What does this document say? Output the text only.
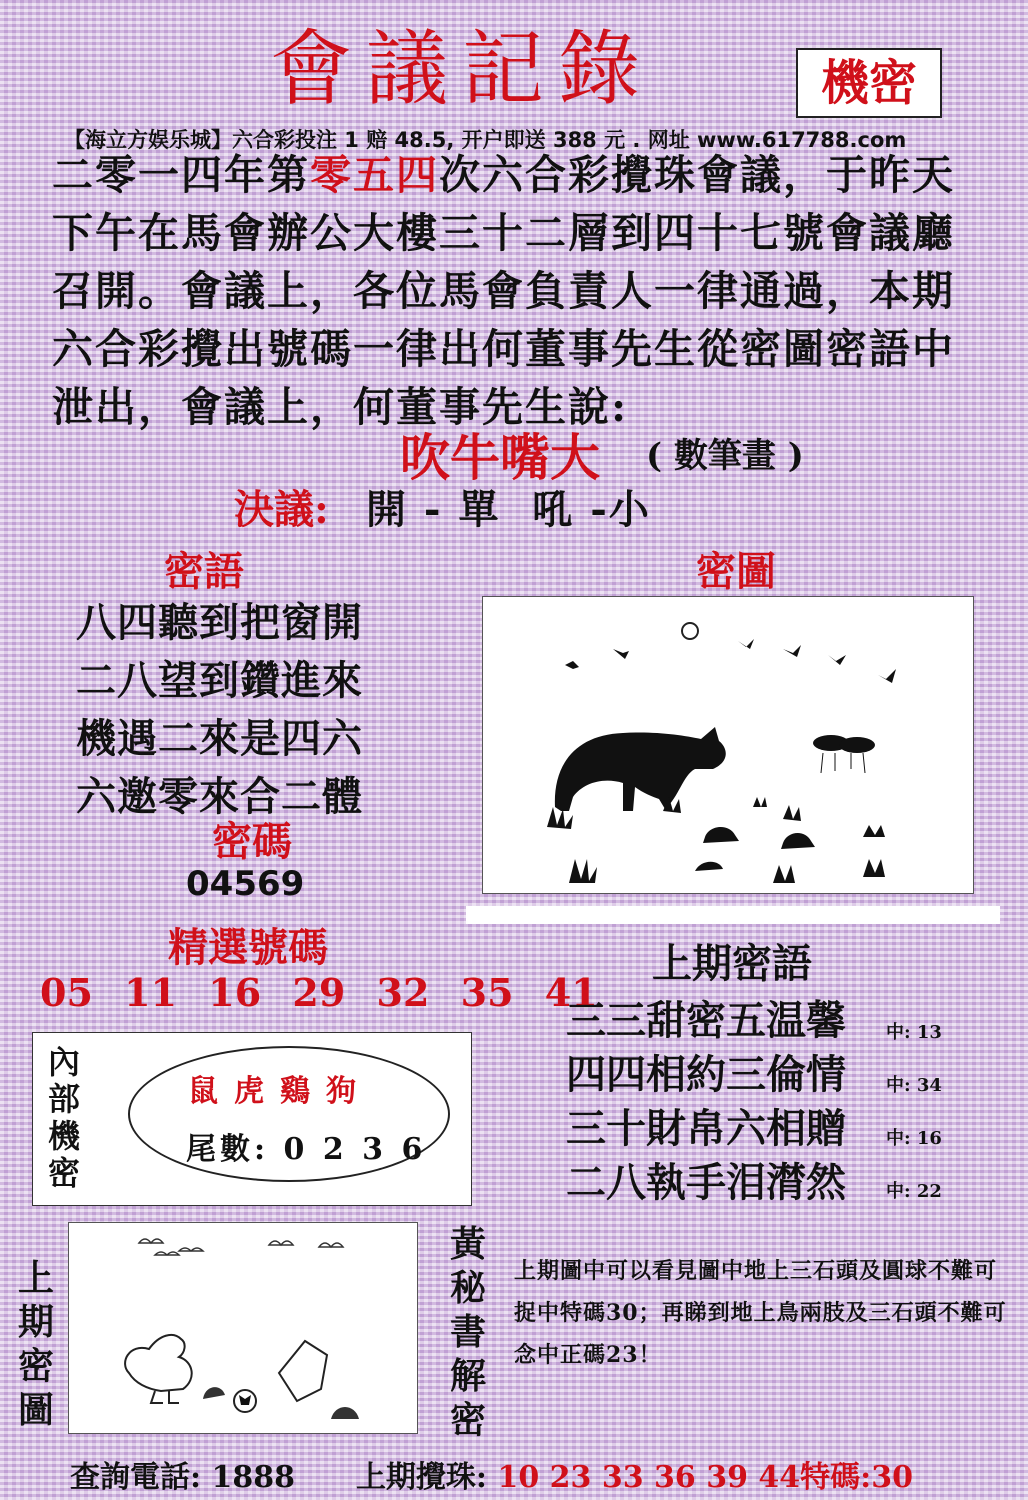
會議記錄	機密
【海立方娱乐城】六合彩投注 1 赔 48.5, 开户即送 388 元 . 网址 www.617788.com
二零一四年第零五四次六合彩攪珠會議，于昨天下午在馬會辦公大樓三十二層到四十七號會議廳召開。會議上，各位馬會負責人一律通過，本期六合彩攪出號碼一律出何董事先生從密圖密語中泄出，會議上，何董事先生說:
吹牛嘴大 ( 數筆畫 )
決議: 開 - 單  吼 -小
密語
八四聽到把窗開
二八望到鑽進來
機遇二來是四六
六邀零來合二體
密碼
04569
精選號碼
05 11 16 29 32 35 41
密圖
上期密語
三三甜密五温馨
四四相約三倫情
三十財帛六相贈
二八執手泪潸然
中: 13
中: 34
中: 16
中: 22
內部機密
鼠虎鷄狗
尾數: 0 2 3 6
上期密圖
黃秘書解密
上期圖中可以看見圖中地上三石頭及圓球不難可捉中特碼30；再睇到地上鳥兩肢及三石頭不難可念中正碼23！
查詢電話: 1888 上期攪珠: 10 23 33 36 39 44特碼:30
